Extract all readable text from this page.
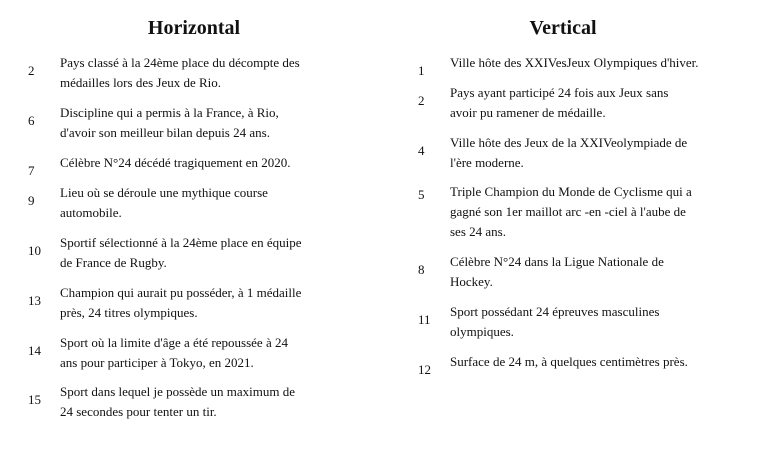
Horizontal
2
Pays classé à la 24ème place du décompte des
médailles lors des Jeux de Rio.
6
Discipline qui a permis à la France, à Rio,
d'avoir son meilleur bilan depuis 24 ans.
7
Célèbre N°24 décédé tragiquement en 2020.
9
Lieu où se déroule une mythique course
automobile.
10
Sportif sélectionné à la 24ème place en équipe
de France de Rugby.
13
Champion qui aurait pu posséder, à 1 médaille
près, 24 titres olympiques.
14
Sport où la limite d'âge a été repoussée à 24
ans pour participer à Tokyo, en 2021.
15
Sport dans lequel je possède un maximum de
24 secondes pour tenter un tir.
Vertical
1
Ville hôte des XXIVesJeux Olympiques d'hiver.
2
Pays ayant participé 24 fois aux Jeux sans
avoir pu ramener de médaille.
4
Ville hôte des Jeux de la XXIVeolympiade de
l'ère moderne.
5	Triple Champion du Monde de Cyclisme qui a
gagné son 1er maillot arc -en -ciel à l'aube de
ses 24 ans.
8
Célèbre N°24 dans la Ligue Nationale de
Hockey.
11
Sport possédant 24 épreuves masculines
olympiques.
12
Surface de 24 m, à quelques centimètres près.
